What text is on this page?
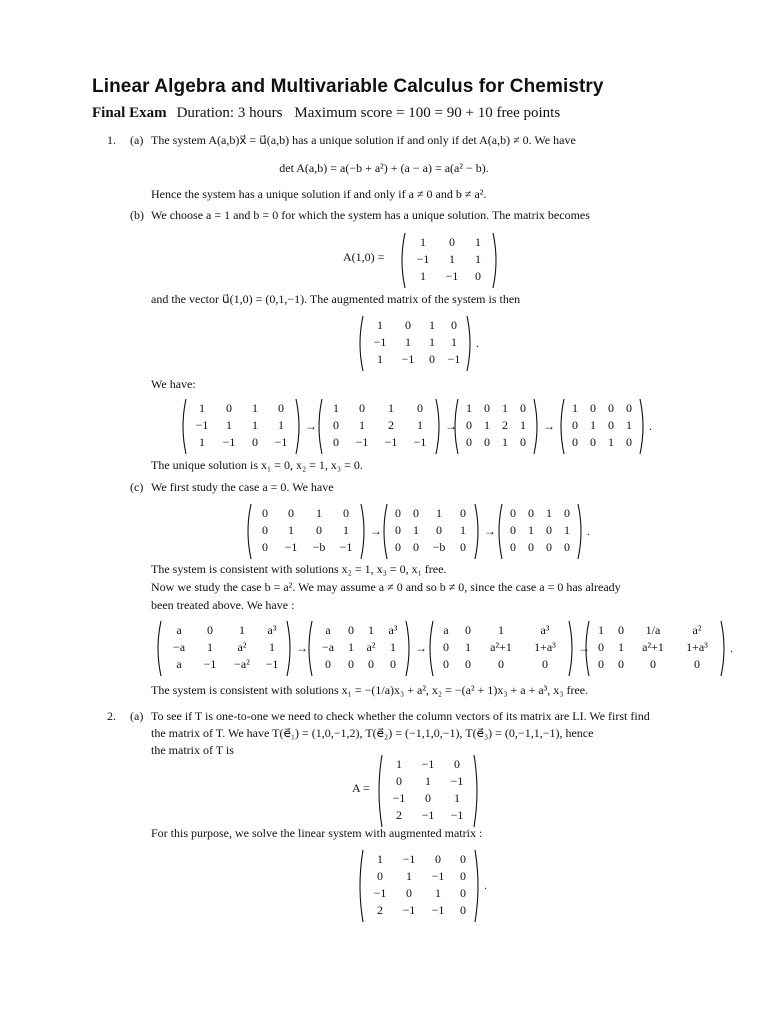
Linear Algebra and Multivariable Calculus for Chemistry
Final Exam Duration: 3 hours Maximum score = 100 = 90 + 10 free points
1. (a) The system A(a,b)x⃗ = u⃗(a,b) has a unique solution if and only if det A(a,b) ≠ 0. We have
det A(a,b) = a(−b + a²) + (a − a) = a(a² − b).
Hence the system has a unique solution if and only if a ≠ 0 and b ≠ a².
(b) We choose a = 1 and b = 0 for which the system has a unique solution. The matrix becomes
A(1,0) =
1	0	1
−1	1	1
1	−1	0
and the vector u⃗(1,0) = (0,1,−1). The augmented matrix of the system is then
1	0	1	0
−1	1	1	1
1	−1	0	−1
.
We have:
1	0	1	0
−1	1	1	1
1	−1	0	−1
→
1	0	1	0
0	1	2	1
0	−1	−1	−1
→
1	0	1	0
0	1	2	1
0	0	1	0
→
1	0	0	0
0	1	0	1
0	0	1	0
.
The unique solution is x₁ = 0, x₂ = 1, x₃ = 0.
(c) We first study the case a = 0. We have
0	0	1	0
0	1	0	1
0	−1	−b	−1
→
0	0	1	0
0	1	0	1
0	0	−b	0
→
0	0	1	0
0	1	0	1
0	0	0	0
.
The system is consistent with solutions x₂ = 1, x₃ = 0, x₁ free.
Now we study the case b = a². We may assume a ≠ 0 and so b ≠ 0, since the case a = 0 has already
been treated above. We have :
a	0	1	a³
−a	1	a²	1
a	−1	−a²	−1
→
a	0	1	a³
−a	1	a²	1
0	0	0	0
→
a	0	1	a³
0	1	a²+1	1+a³
0	0	0	0
→
1	0	1/a	a²
0	1	a²+1	1+a³
0	0	0	0
.
The system is consistent with solutions x₁ = −(1/a)x₃ + a², x₂ = −(a² + 1)x₃ + a + a³, x₃ free.
2. (a) To see if T is one-to-one we need to check whether the column vectors of its matrix are LI. We first find
the matrix of T. We have T(e⃗₁) = (1,0,−1,2), T(e⃗₂) = (−1,1,0,−1), T(e⃗₃) = (0,−1,1,−1), hence
the matrix of T is
A =
1	−1	0
0	1	−1
−1	0	1
2	−1	−1
For this purpose, we solve the linear system with augmented matrix :
1	−1	0	0
0	1	−1	0
−1	0	1	0
2	−1	−1	0
.
